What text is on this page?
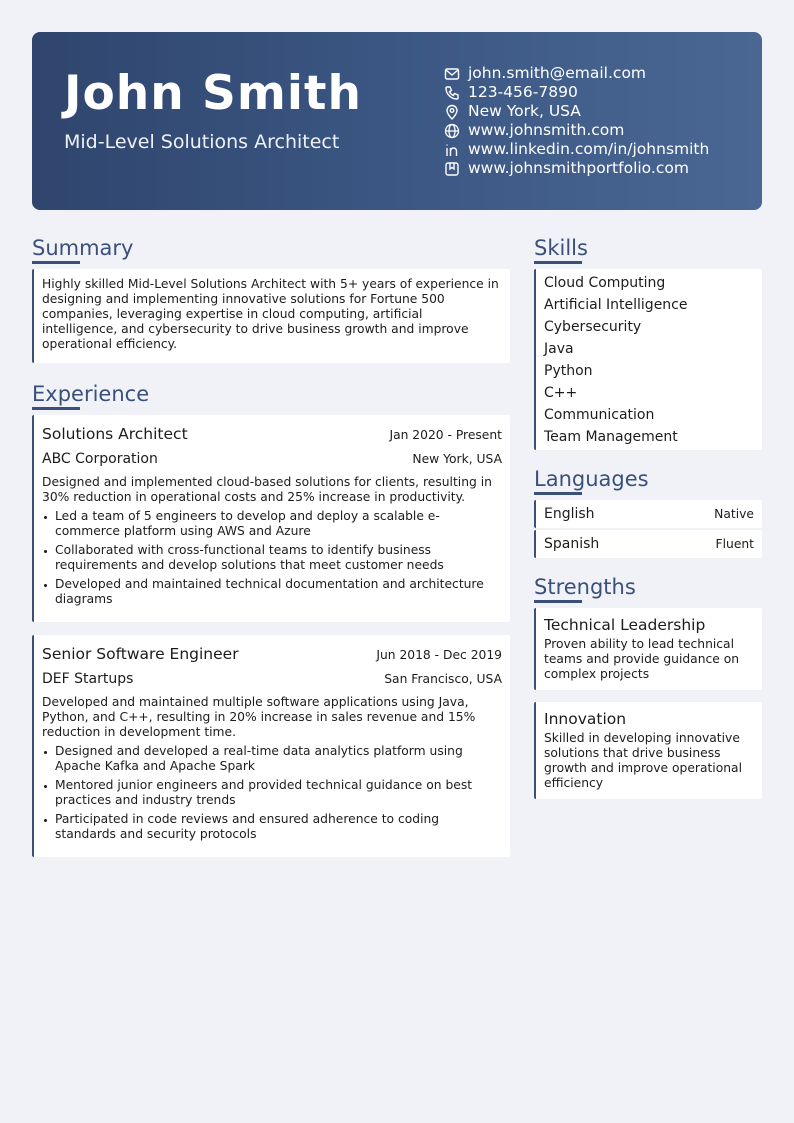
John Smith
Mid-Level Solutions Architect
john.smith@email.com
123-456-7890
New York, USA
www.johnsmith.com
www.linkedin.com/in/johnsmith
www.johnsmithportfolio.com
Summary
Highly skilled Mid-Level Solutions Architect with 5+ years of experience in designing and implementing innovative solutions for Fortune 500 companies, leveraging expertise in cloud computing, artificial intelligence, and cybersecurity to drive business growth and improve operational efficiency.
Experience
Solutions Architect	Jan 2020 - Present
ABC Corporation	New York, USA
Designed and implemented cloud-based solutions for clients, resulting in 30% reduction in operational costs and 25% increase in productivity.
Led a team of 5 engineers to develop and deploy a scalable e-commerce platform using AWS and Azure
Collaborated with cross-functional teams to identify business requirements and develop solutions that meet customer needs
Developed and maintained technical documentation and architecture diagrams
Senior Software Engineer	Jun 2018 - Dec 2019
DEF Startups	San Francisco, USA
Developed and maintained multiple software applications using Java, Python, and C++, resulting in 20% increase in sales revenue and 15% reduction in development time.
Designed and developed a real-time data analytics platform using Apache Kafka and Apache Spark
Mentored junior engineers and provided technical guidance on best practices and industry trends
Participated in code reviews and ensured adherence to coding standards and security protocols
Skills
Cloud Computing
Artificial Intelligence
Cybersecurity
Java
Python
C++
Communication
Team Management
Languages
English	Native
Spanish	Fluent
Strengths
Technical Leadership
Proven ability to lead technical teams and provide guidance on complex projects
Innovation
Skilled in developing innovative solutions that drive business growth and improve operational efficiency
